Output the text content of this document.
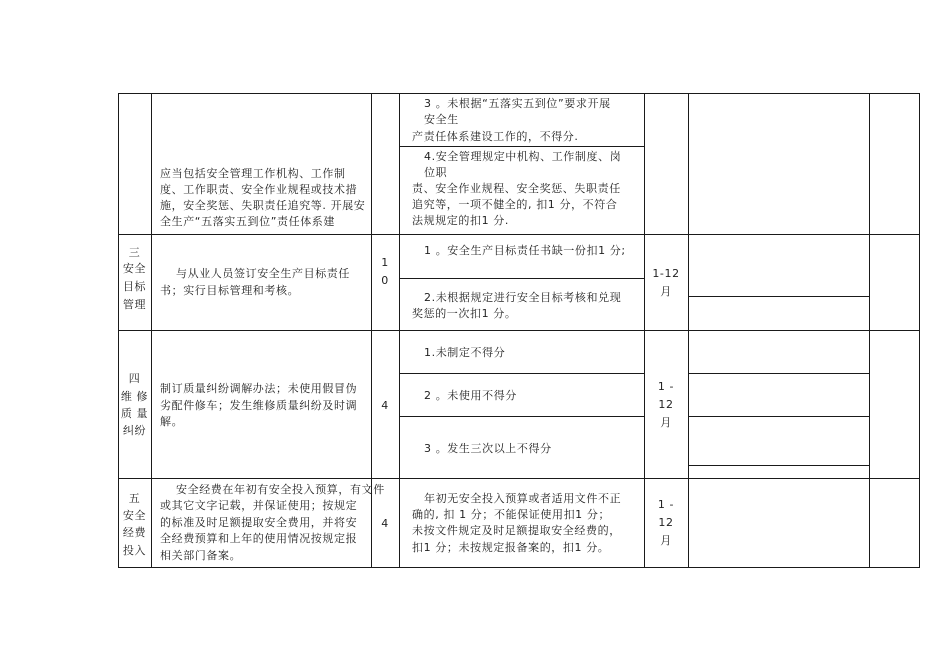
应当包括安全管理工作机构、工作制度、工作职责、安全作业规程或技术措施，安全奖惩、失职责任追究等. 开展安全生产“五落实五到位”责任体系建
3 。未根据“五落实五到位”要求开展
安全生
产责任体系建设工作的，不得分.
4.安全管理规定中机构、工作制度、岗
位职
责、安全作业规程、安全奖惩、失职责任
追究等，一项不健全的, 扣1 分，不符合
法规规定的扣1 分.
三
安全
目标
管理
与从业人员签订安全生产目标责任
书；实行目标管理和考核。
1
0
1 。安全生产目标责任书缺一份扣1 分;
2.未根据规定进行安全目标考核和兑现
奖惩的一次扣1 分。
1-12
月
四
维 修
质 量
纠纷
制订质量纠纷调解办法；未使用假冒伪
劣配件修车；发生维修质量纠纷及时调
解。
4
1.未制定不得分
2 。未使用不得分
3 。发生三次以上不得分
1 -
12
月
五
安全
经费
投入
安全经费在年初有安全投入预算，有文件
或其它文字记载，并保证使用；按规定
的标准及时足额提取安全费用，并将安
全经费预算和上年的使用情况按规定报
相关部门备案。
4
年初无安全投入预算或者适用文件不正
确的, 扣 1 分；不能保证使用扣1 分；
未按文件规定及时足额提取安全经费的，
扣1 分；未按规定报备案的，扣1 分。
1 -
12
月
